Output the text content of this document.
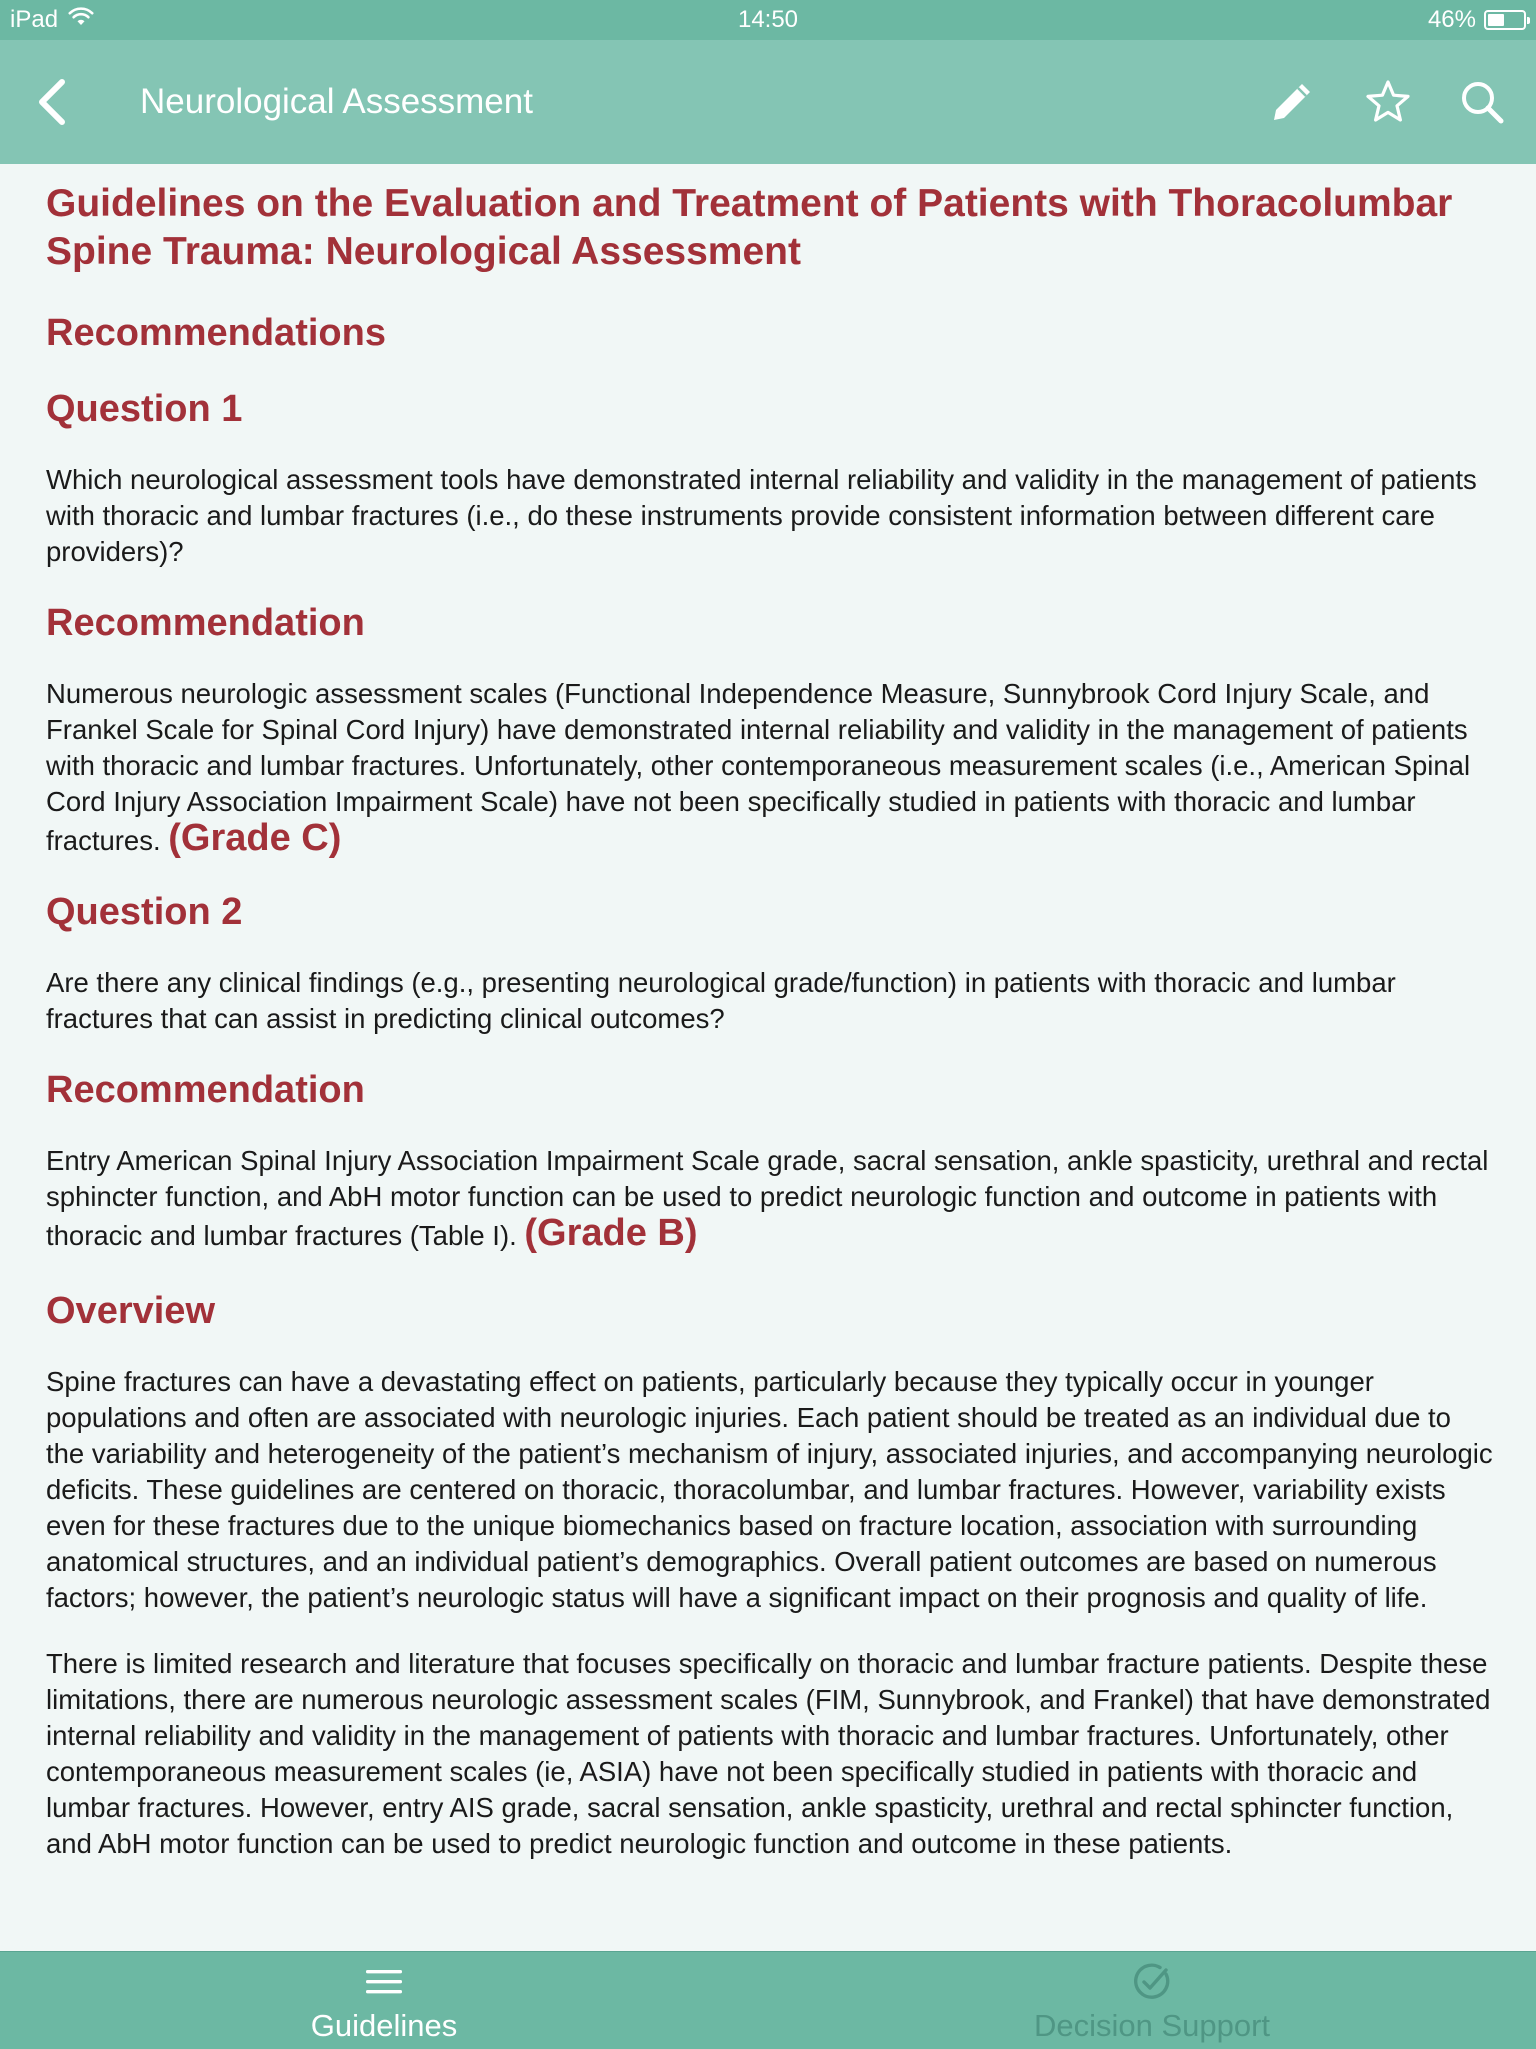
iPad	14:50	46%
Neurological Assessment
Guidelines on the Evaluation and Treatment of Patients with Thoracolumbar Spine Trauma: Neurological Assessment
Recommendations
Question 1

Which neurological assessment tools have demonstrated internal reliability and validity in the management of patients with thoracic and lumbar fractures (i.e., do these instruments provide consistent information between different care providers)?

Recommendation

Numerous neurologic assessment scales (Functional Independence Measure, Sunnybrook Cord Injury Scale, and Frankel Scale for Spinal Cord Injury) have demonstrated internal reliability and validity in the management of patients with thoracic and lumbar fractures. Unfortunately, other contemporaneous measurement scales (i.e., American Spinal Cord Injury Association Impairment Scale) have not been specifically studied in patients with thoracic and lumbar fractures. (Grade C)

Question 2

Are there any clinical findings (e.g., presenting neurological grade/function) in patients with thoracic and lumbar fractures that can assist in predicting clinical outcomes?

Recommendation

Entry American Spinal Injury Association Impairment Scale grade, sacral sensation, ankle spasticity, urethral and rectal sphincter function, and AbH motor function can be used to predict neurologic function and outcome in patients with thoracic and lumbar fractures (Table I). (Grade B)

Overview

Spine fractures can have a devastating effect on patients, particularly because they typically occur in younger populations and often are associated with neurologic injuries. Each patient should be treated as an individual due to the variability and heterogeneity of the patient’s mechanism of injury, associated injuries, and accompanying neurologic deficits. These guidelines are centered on thoracic, thoracolumbar, and lumbar fractures. However, variability exists even for these fractures due to the unique biomechanics based on fracture location, association with surrounding anatomical structures, and an individual patient’s demographics. Overall patient outcomes are based on numerous factors; however, the patient’s neurologic status will have a significant impact on their prognosis and quality of life.

There is limited research and literature that focuses specifically on thoracic and lumbar fracture patients. Despite these limitations, there are numerous neurologic assessment scales (FIM, Sunnybrook, and Frankel) that have demonstrated internal reliability and validity in the management of patients with thoracic and lumbar fractures. Unfortunately, other contemporaneous measurement scales (ie, ASIA) have not been specifically studied in patients with thoracic and lumbar fractures. However, entry AIS grade, sacral sensation, ankle spasticity, urethral and rectal sphincter function, and AbH motor function can be used to predict neurologic function and outcome in these patients.

Guidelines	Decision Support
